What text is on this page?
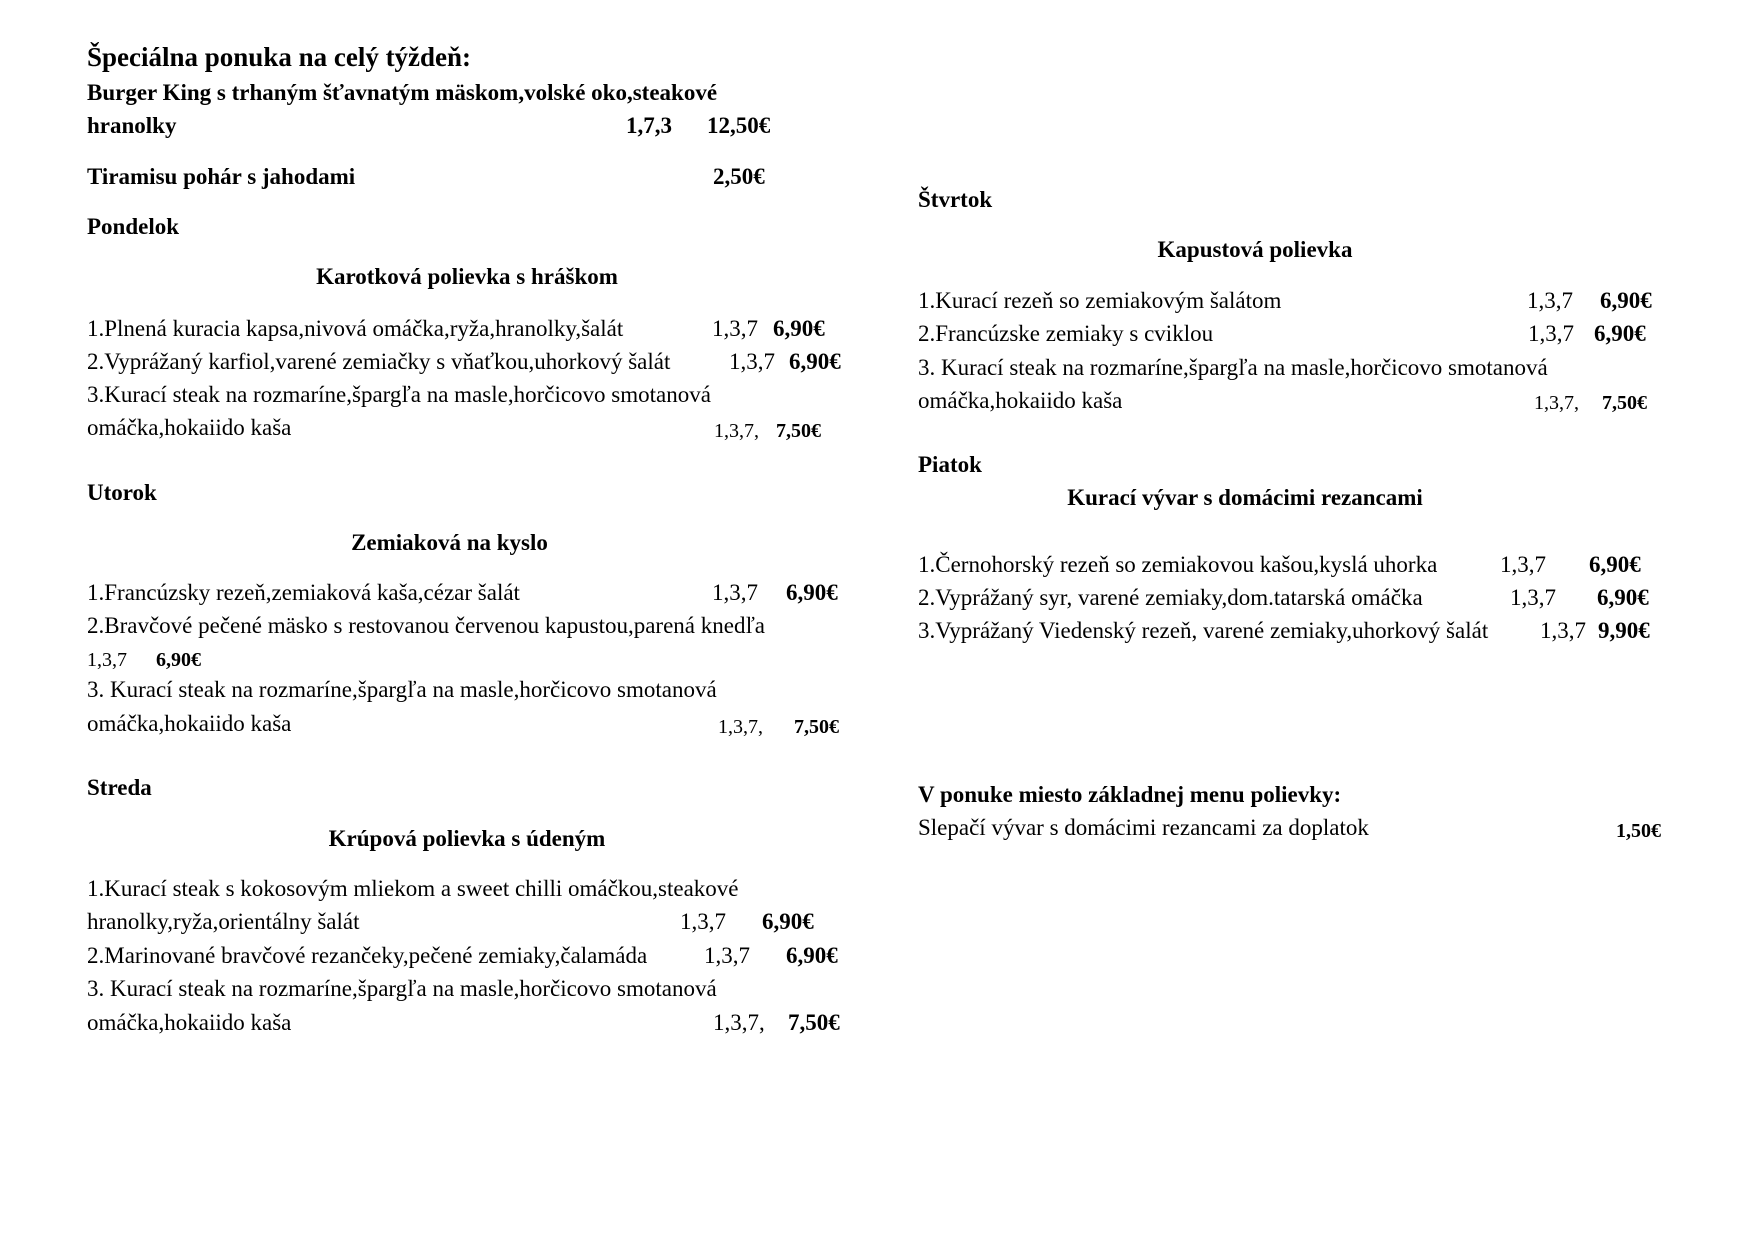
Špeciálna ponuka na celý týždeň:
Burger King s trhaným šťavnatým mäskom,volské oko,steakové
hranolky	1,7,3 12,50€
Tiramisu pohár s jahodami	2,50€
Pondelok
Karotková polievka s hráškom
1.Plnená kuracia kapsa,nivová omáčka,ryža,hranolky,šalát	1,3,7 6,90€
2.Vyprážaný karfiol,varené zemiačky s vňaťkou,uhorkový šalát	1,3,7 6,90€
3.Kurací steak na rozmaríne,špargľa na masle,horčicovo smotanová
omáčka,hokaiido kaša	1,3,7, 7,50€
Utorok
Zemiaková na kyslo
1.Francúzsky rezeň,zemiaková kaša,cézar šalát	1,3,7 6,90€
2.Bravčové pečené mäsko s restovanou červenou kapustou,parená knedľa
1,3,7 6,90€
3. Kurací steak na rozmaríne,špargľa na masle,horčicovo smotanová
omáčka,hokaiido kaša	1,3,7, 7,50€
Streda
Krúpová polievka s údeným
1.Kurací steak s kokosovým mliekom a sweet chilli omáčkou,steakové
hranolky,ryža,orientálny šalát	1,3,7 6,90€
2.Marinované bravčové rezančeky,pečené zemiaky,čalamáda 1,3,7 6,90€
3. Kurací steak na rozmaríne,špargľa na masle,horčicovo smotanová
omáčka,hokaiido kaša	1,3,7, 7,50€
Štvrtok
Kapustová polievka
1.Kurací rezeň so zemiakovým šalátom	1,3,7 6,90€
2.Francúzske zemiaky s cviklou	1,3,7 6,90€
3. Kurací steak na rozmaríne,špargľa na masle,horčicovo smotanová
omáčka,hokaiido kaša	1,3,7, 7,50€
Piatok
Kurací vývar s domácimi rezancami
1.Černohorský rezeň so zemiakovou kašou,kyslá uhorka	1,3,7 6,90€
2.Vyprážaný syr, varené zemiaky,dom.tatarská omáčka	1,3,7 6,90€
3.Vyprážaný Viedenský rezeň, varené zemiaky,uhorkový šalát 1,3,7 9,90€
V ponuke miesto základnej menu polievky:
Slepačí vývar s domácimi rezancami za doplatok	1,50€
